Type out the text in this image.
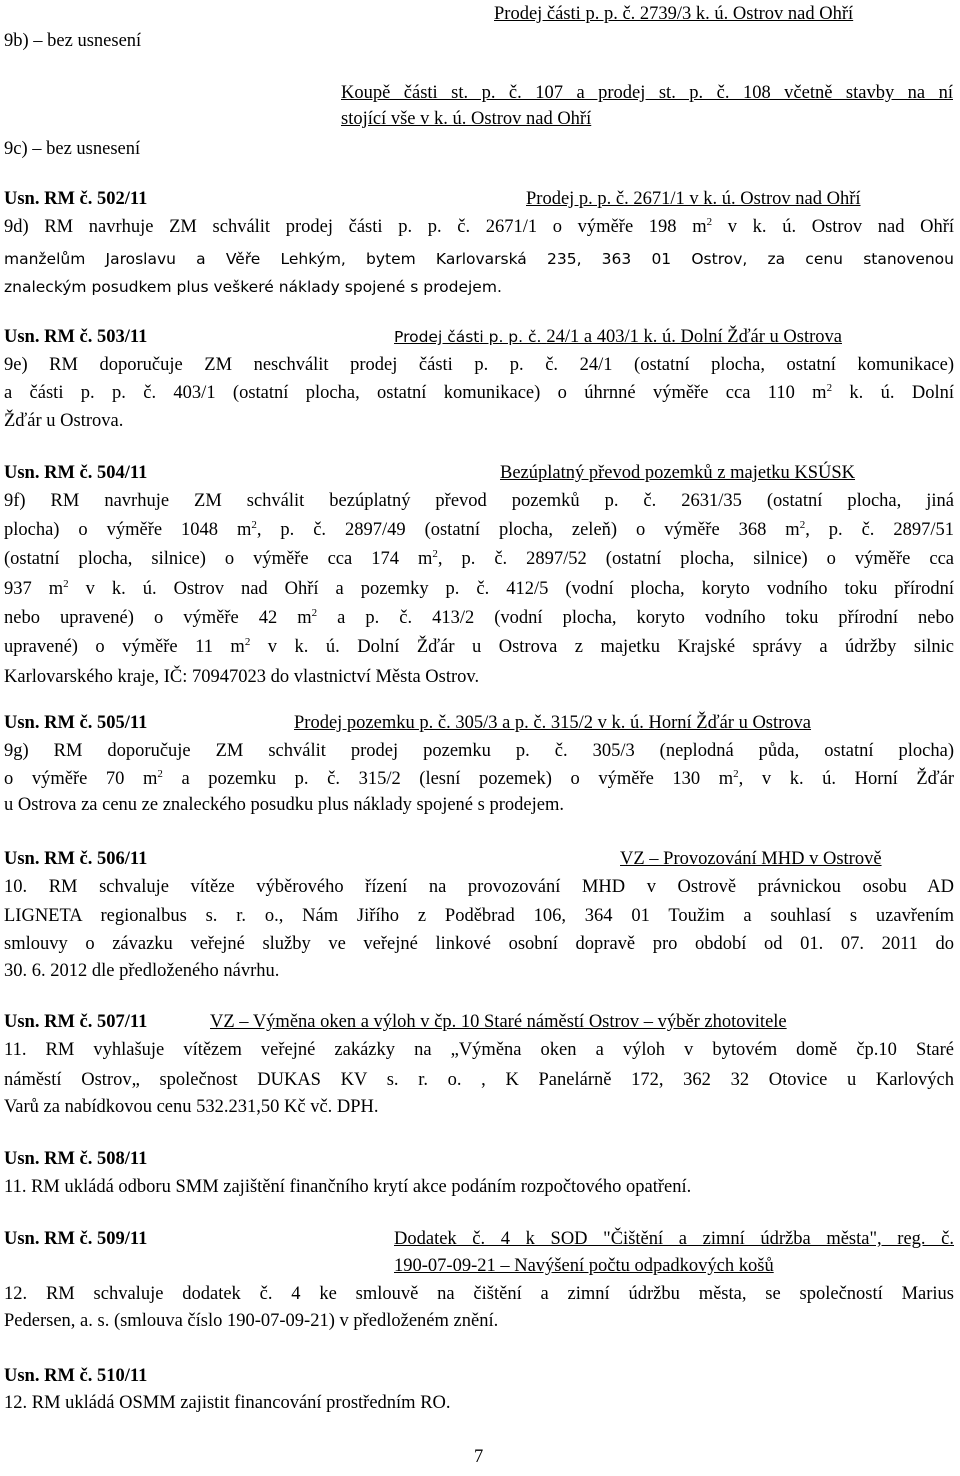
9b) – bez usnesení
Prodej části p. p. č. 2739/3 k. ú. Ostrov nad Ohří
Koupě části st. p. č. 107 a prodej st. p. č. 108 včetně stavby na ní
stojící vše v k. ú. Ostrov nad Ohří
9c) – bez usnesení
Usn. RM č. 502/11	Prodej p. p. č. 2671/1 v k. ú. Ostrov nad Ohří
9d) RM navrhuje ZM schválit prodej části p. p. č. 2671/1 o výměře 198 $m^2$ v k. ú. Ostrov nad Ohří
manželům Jaroslavu a Věře Lehkým, bytem Karlovarská 235, 363 01 Ostrov, za cenu stanovenou
znaleckým posudkem plus veškeré náklady spojené s prodejem.
Usn. RM č. 503/11	Prodej části p. p. č. 24/1 a 403/1 k. ú. Dolní Žďár u Ostrova
9e) RM doporučuje ZM neschválit prodej části p. p. č. 24/1 (ostatní plocha, ostatní komunikace)
a části p. p. č. 403/1 (ostatní plocha, ostatní komunikace) o úhrnné výměře cca 110 $m^2$ k. ú. Dolní
Žďár u Ostrova.
Usn. RM č. 504/11	Bezúplatný převod pozemků z majetku KSÚSK
9f) RM navrhuje ZM schválit bezúplatný převod pozemků p. č. 2631/35 (ostatní plocha, jiná
plocha) o výměře 1048 $m^2$, p. č. 2897/49 (ostatní plocha, zeleň) o výměře 368 $m^2$, p. č. 2897/51
(ostatní plocha, silnice) o výměře cca 174 $m^2$, p. č. 2897/52 (ostatní plocha, silnice) o výměře cca
937 $m^2$ v k. ú. Ostrov nad Ohří a pozemky p. č. 412/5 (vodní plocha, koryto vodního toku přírodní
nebo upravené) o výměře 42 $m^2$ a p. č. 413/2 (vodní plocha, koryto vodního toku přírodní nebo
upravené) o výměře 11 $m^2$ v k. ú. Dolní Žďár u Ostrova z majetku Krajské správy a údržby silnic
Karlovarského kraje, IČ: 70947023 do vlastnictví Města Ostrov.
Usn. RM č. 505/11	Prodej pozemku p. č. 305/3 a p. č. 315/2 v k. ú. Horní Žďár u Ostrova
9g) RM doporučuje ZM schválit prodej pozemku p. č. 305/3 (neplodná půda, ostatní plocha)
o výměře 70 $m^2$ a pozemku p. č. 315/2 (lesní pozemek) o výměře 130 $m^2$, v k. ú. Horní Žďár
u Ostrova za cenu ze znaleckého posudku plus náklady spojené s prodejem.
Usn. RM č. 506/11	VZ – Provozování MHD v Ostrově
10. RM schvaluje vítěze výběrového řízení na provozování MHD v Ostrově právnickou osobu AD
LIGNETA regionalbus s. r. o., Nám Jiřího z Poděbrad 106, 364 01 Toužim a souhlasí s uzavřením
smlouvy o závazku veřejné služby ve veřejné linkové osobní dopravě pro období od 01. 07. 2011 do
30. 6. 2012 dle předloženého návrhu.
Usn. RM č. 507/11	VZ – Výměna oken a výloh v čp. 10 Staré náměstí Ostrov – výběr zhotovitele
11. RM vyhlašuje vítězem veřejné zakázky na „Výměna oken a výloh v bytovém domě čp.10 Staré
náměstí Ostrov„ společnost DUKAS KV s. r. o. , K Panelárně 172, 362 32 Otovice u Karlových
Varů za nabídkovou cenu 532.231,50 Kč vč. DPH.
Usn. RM č. 508/11
11. RM ukládá odboru SMM zajištění finančního krytí akce podáním rozpočtového opatření.
Usn. RM č. 509/11	Dodatek č. 4 k SOD "Čištění a zimní údržba města", reg. č.
190-07-09-21 – Navýšení počtu odpadkových košů
12. RM schvaluje dodatek č. 4 ke smlouvě na čištění a zimní údržbu města, se společností Marius
Pedersen, a. s. (smlouva číslo 190-07-09-21) v předloženém znění.
Usn. RM č. 510/11
12. RM ukládá OSMM zajistit financování prostředním RO.
7
